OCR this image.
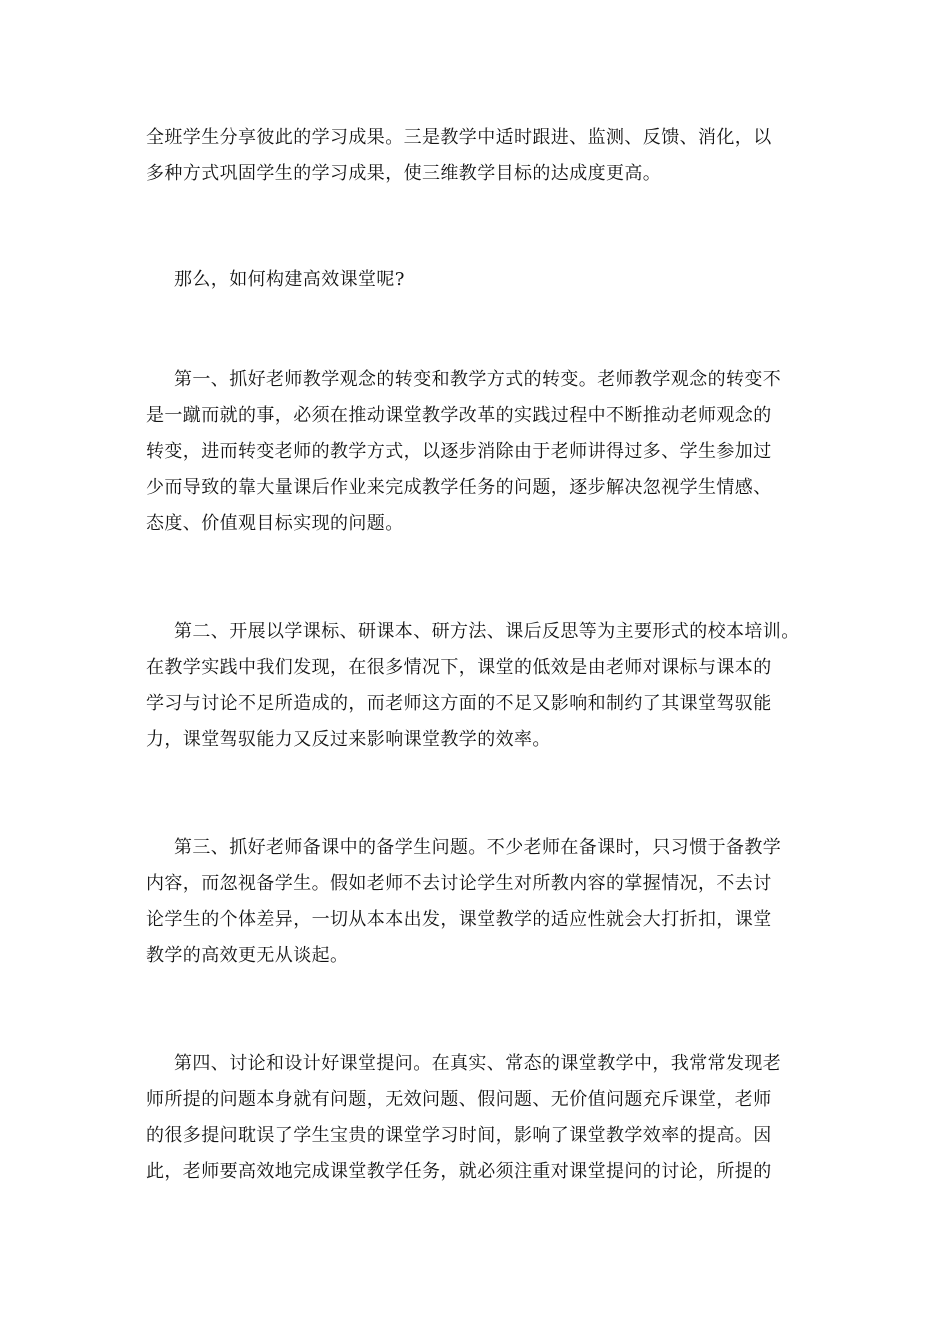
全班学生分享彼此的学习成果。三是教学中适时跟进、监测、反馈、消化，以
多种方式巩固学生的学习成果，使三维教学目标的达成度更高。
那么，如何构建高效课堂呢?
第一、抓好老师教学观念的转变和教学方式的转变。老师教学观念的转变不
是一蹴而就的事，必须在推动课堂教学改革的实践过程中不断推动老师观念的
转变，进而转变老师的教学方式，以逐步消除由于老师讲得过多、学生参加过
少而导致的靠大量课后作业来完成教学任务的问题，逐步解决忽视学生情感、
态度、价值观目标实现的问题。
第二、开展以学课标、研课本、研方法、课后反思等为主要形式的校本培训。
在教学实践中我们发现，在很多情况下，课堂的低效是由老师对课标与课本的
学习与讨论不足所造成的，而老师这方面的不足又影响和制约了其课堂驾驭能
力，课堂驾驭能力又反过来影响课堂教学的效率。
第三、抓好老师备课中的备学生问题。不少老师在备课时，只习惯于备教学
内容，而忽视备学生。假如老师不去讨论学生对所教内容的掌握情况，不去讨
论学生的个体差异，一切从本本出发，课堂教学的适应性就会大打折扣，课堂
教学的高效更无从谈起。
第四、讨论和设计好课堂提问。在真实、常态的课堂教学中，我常常发现老
师所提的问题本身就有问题，无效问题、假问题、无价值问题充斥课堂，老师
的很多提问耽误了学生宝贵的课堂学习时间，影响了课堂教学效率的提高。因
此，老师要高效地完成课堂教学任务，就必须注重对课堂提问的讨论，所提的
